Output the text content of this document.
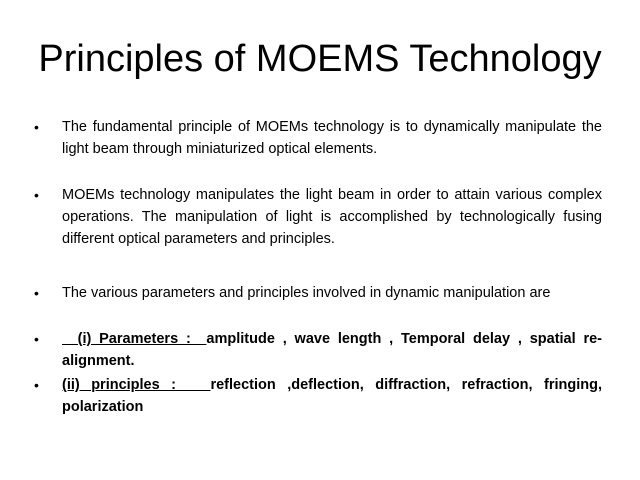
Principles of MOEMS Technology
• The fundamental principle of MOEMs technology is to dynamically manipulate the light beam through miniaturized optical elements.
• MOEMs technology manipulates the light beam in order to attain various complex operations. The manipulation of light is accomplished by technologically fusing different optical parameters and principles.
• The various parameters and principles involved in dynamic manipulation are
• (i) Parameters :  amplitude , wave length , Temporal delay , spatial re-alignment.
• (ii) principles :   reflection ,deflection, diffraction, refraction, fringing, polarization
